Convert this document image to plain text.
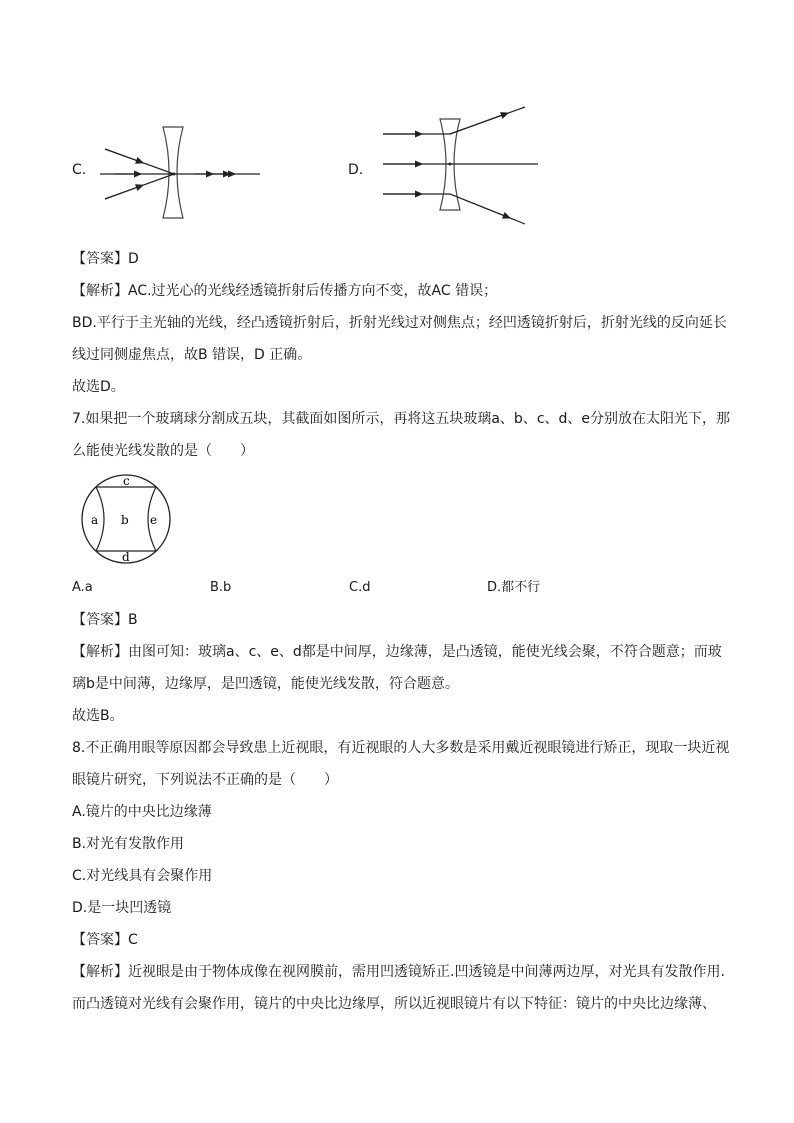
C.	D.
【答案】D
【解析】AC.过光心的光线经透镜折射后传播方向不变，故AC 错误；
BD.平行于主光轴的光线，经凸透镜折射后，折射光线过对侧焦点；经凹透镜折射后，折射光线的反向延长
线过同侧虚焦点，故B 错误，D 正确。
故选D。
7.如果把一个玻璃球分割成五块，其截面如图所示，再将这五块玻璃a、b、c、d、e分别放在太阳光下，那
么能使光线发散的是（　　）
c
a b e
d
A.a	B.b	C.d	D.都不行
【答案】B
【解析】由图可知：玻璃a、c、e、d都是中间厚，边缘薄，是凸透镜，能使光线会聚，不符合题意；而玻
璃b是中间薄，边缘厚，是凹透镜，能使光线发散，符合题意。
故选B。
8.不正确用眼等原因都会导致患上近视眼，有近视眼的人大多数是采用戴近视眼镜进行矫正，现取一块近视
眼镜片研究，下列说法不正确的是（　　）
A.镜片的中央比边缘薄
B.对光有发散作用
C.对光线具有会聚作用
D.是一块凹透镜
【答案】C
【解析】近视眼是由于物体成像在视网膜前，需用凹透镜矫正.凹透镜是中间薄两边厚，对光具有发散作用.
而凸透镜对光线有会聚作用，镜片的中央比边缘厚，所以近视眼镜片有以下特征：镜片的中央比边缘薄、
